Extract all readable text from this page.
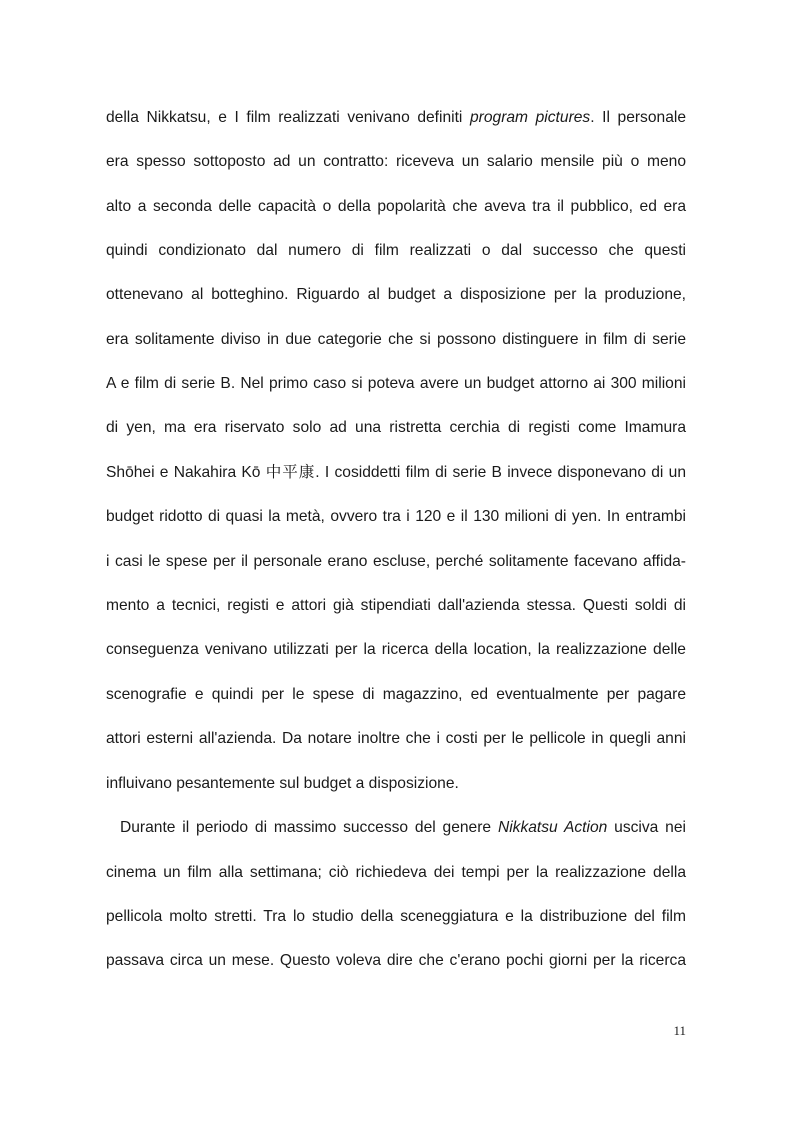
della Nikkatsu, e I film realizzati venivano definiti program pictures. Il personale
era spesso sottoposto ad un contratto: riceveva un salario mensile più o meno
alto a seconda delle capacità o della popolarità che aveva tra il pubblico, ed era
quindi condizionato dal numero di film realizzati o dal successo che questi
ottenevano al botteghino. Riguardo al budget a disposizione per la produzione,
era solitamente diviso in due categorie che si possono distinguere in film di serie
A e film di serie B. Nel primo caso si poteva avere un budget attorno ai 300 milioni
di yen, ma era riservato solo ad una ristretta cerchia di registi come Imamura
Shōhei e Nakahira Kō 中平康. I cosiddetti film di serie B invece disponevano di un
budget ridotto di quasi la metà, ovvero tra i 120 e il 130 milioni di yen. In entrambi
i casi le spese per il personale erano escluse, perché solitamente facevano affida-
mento a tecnici, registi e attori già stipendiati dall'azienda stessa. Questi soldi di
conseguenza venivano utilizzati per la ricerca della location, la realizzazione delle
scenografie e quindi per le spese di magazzino, ed eventualmente per pagare
attori esterni all'azienda. Da notare inoltre che i costi per le pellicole in quegli anni
influivano pesantemente sul budget a disposizione.
Durante il periodo di massimo successo del genere Nikkatsu Action usciva nei
cinema un film alla settimana; ciò richiedeva dei tempi per la realizzazione della
pellicola molto stretti. Tra lo studio della sceneggiatura e la distribuzione del film
passava circa un mese. Questo voleva dire che c'erano pochi giorni per la ricerca
11
